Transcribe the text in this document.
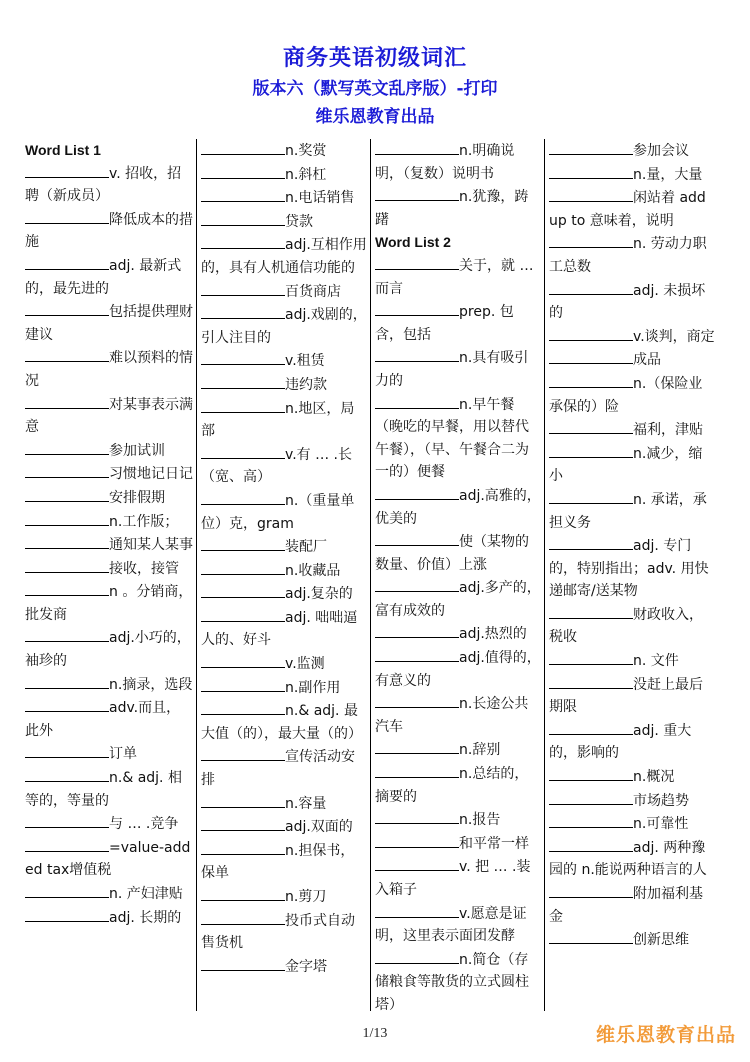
商务英语初级词汇
版本六（默写英文乱序版）-打印
维乐恩教育出品
Word List 1
v. 招收，招聘（新成员）
降低成本的措施
adj. 最新式的，最先进的
包括提供理财建议
难以预料的情况
对某事表示满意
参加试训
习惯地记日记
安排假期
n.工作版；
通知某人某事
接收，接管
n 。分销商，批发商
adj.小巧的，袖珍的
n.摘录，选段
adv.而且，此外
订单
n.& adj. 相等的，等量的
与 … .竞争
=value-added tax增值税
n. 产妇津贴
adj. 长期的
n.奖赏
n.斜杠
n.电话销售
贷款
adj.互相作用的，具有人机通信功能的
百货商店
adj.戏剧的，引人注目的
v.租赁
违约款
n.地区，局部
v.有 … .长（宽、高）
n.（重量单位）克，gram
装配厂
n.收藏品
adj.复杂的
adj. 咄咄逼人的、好斗
v.监测
n.副作用
n.& adj. 最大值（的），最大量（的）
宣传活动安排
n.容量
adj.双面的
n.担保书，保单
n.剪刀
投币式自动售货机
金字塔
n.明确说明，（复数）说明书
n.犹豫，踌躇
Word List 2
关于，就 … 而言
prep. 包含，包括
n.具有吸引力的
n.早午餐（晚吃的早餐，用以替代午餐），（早、午餐合二为一的）便餐
adj.高雅的，优美的
使（某物的数量、价值）上涨
adj.多产的，富有成效的
adj.热烈的
adj.值得的，有意义的
n.长途公共汽车
n.辞别
n.总结的，摘要的
n.报告
和平常一样
v. 把 … .装入箱子
v.愿意是证明，这里表示面团发酵
n.简仓（存储粮食等散货的立式圆柱塔）
参加会议
n.量，大量
闲站着 add up to 意味着，说明
n. 劳动力职工总数
adj. 未损坏的
v.谈判，商定
成品
n.（保险业承保的）险
福利，津贴
n.减少，缩小
n. 承诺，承担义务
adj. 专门的，特别指出；adv. 用快递邮寄/送某物
财政收入，税收
n. 文件
没赶上最后期限
adj. 重大的，影响的
n.概况
市场趋势
n.可靠性
adj. 两种豫园的 n.能说两种语言的人
附加福利基金
创新思维
1/13	维乐恩教育出品
